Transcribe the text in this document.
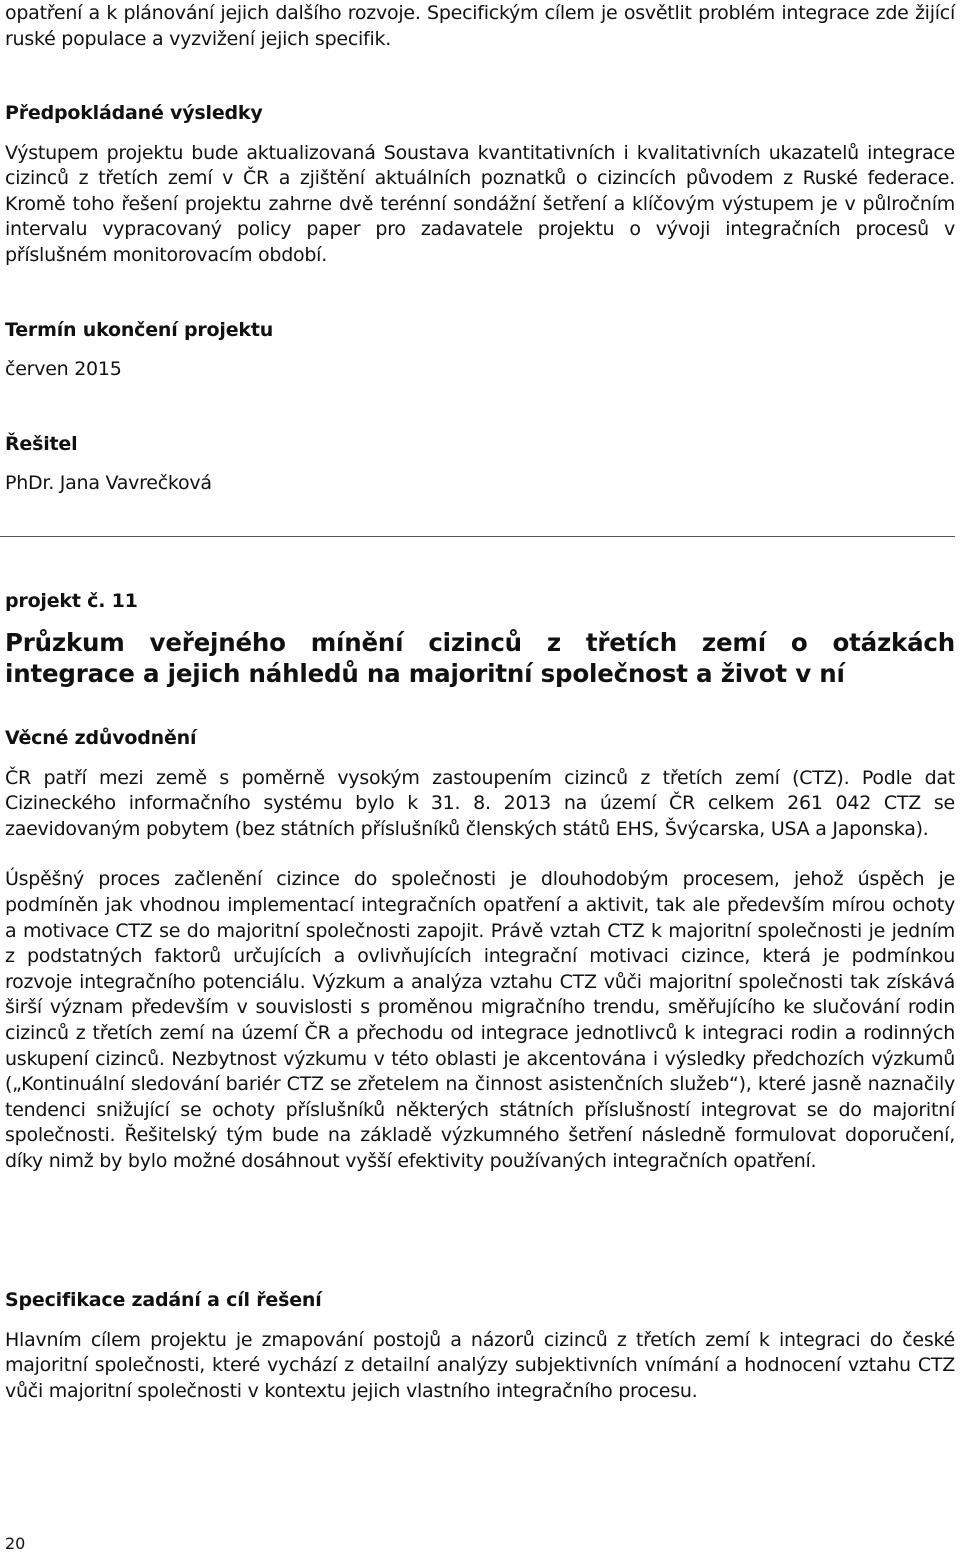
opatření a k plánování jejich dalšího rozvoje. Specifickým cílem je osvětlit problém integrace zde žijící ruské populace a vyzvižení jejich specifik.

Předpokládané výsledky

Výstupem projektu bude aktualizovaná Soustava kvantitativních i kvalitativních ukazatelů integrace cizinců z třetích zemí v ČR a zjištění aktuálních poznatků o cizincích původem z Ruské federace. Kromě toho řešení projektu zahrne dvě terénní sondážní šetření a klíčovým výstupem je v půlročním intervalu vypracovaný policy paper pro zadavatele projektu o vývoji integračních procesů v příslušném monitorovacím období.

Termín ukončení projektu

červen 2015

Řešitel

PhDr. Jana Vavrečková

projekt č. 11

Průzkum veřejného mínění cizinců z třetích zemí o otázkách integrace a jejich náhledů na majoritní společnost a život v ní

Věcné zdůvodnění

ČR patří mezi země s poměrně vysokým zastoupením cizinců z třetích zemí (CTZ). Podle dat Cizineckého informačního systému bylo k 31. 8. 2013 na území ČR celkem 261 042 CTZ se zaevidovaným pobytem (bez státních příslušníků členských států EHS, Švýcarska, USA a Japonska).

Úspěšný proces začlenění cizince do společnosti je dlouhodobým procesem, jehož úspěch je podmíněn jak vhodnou implementací integračních opatření a aktivit, tak ale především mírou ochoty a motivace CTZ se do majoritní společnosti zapojit. Právě vztah CTZ k majoritní společnosti je jedním z podstatných faktorů určujících a ovlivňujících integrační motivaci cizince, která je podmínkou rozvoje integračního potenciálu. Výzkum a analýza vztahu CTZ vůči majoritní společnosti tak získává širší význam především v souvislosti s proměnou migračního trendu, směřujícího ke slučování rodin cizinců z třetích zemí na území ČR a přechodu od integrace jednotlivců k integraci rodin a rodinných uskupení cizinců. Nezbytnost výzkumu v této oblasti je akcentována i výsledky předchozích výzkumů („Kontinuální sledování bariér CTZ se zřetelem na činnost asistenčních služeb“), které jasně naznačily tendenci snižující se ochoty příslušníků některých státních příslušností integrovat se do majoritní společnosti. Řešitelský tým bude na základě výzkumného šetření následně formulovat doporučení, díky nimž by bylo možné dosáhnout vyšší efektivity používaných integračních opatření.

Specifikace zadání a cíl řešení

Hlavním cílem projektu je zmapování postojů a názorů cizinců z třetích zemí k integraci do české majoritní společnosti, které vychází z detailní analýzy subjektivních vnímání a hodnocení vztahu CTZ vůči majoritní společnosti v kontextu jejich vlastního integračního procesu.

20
